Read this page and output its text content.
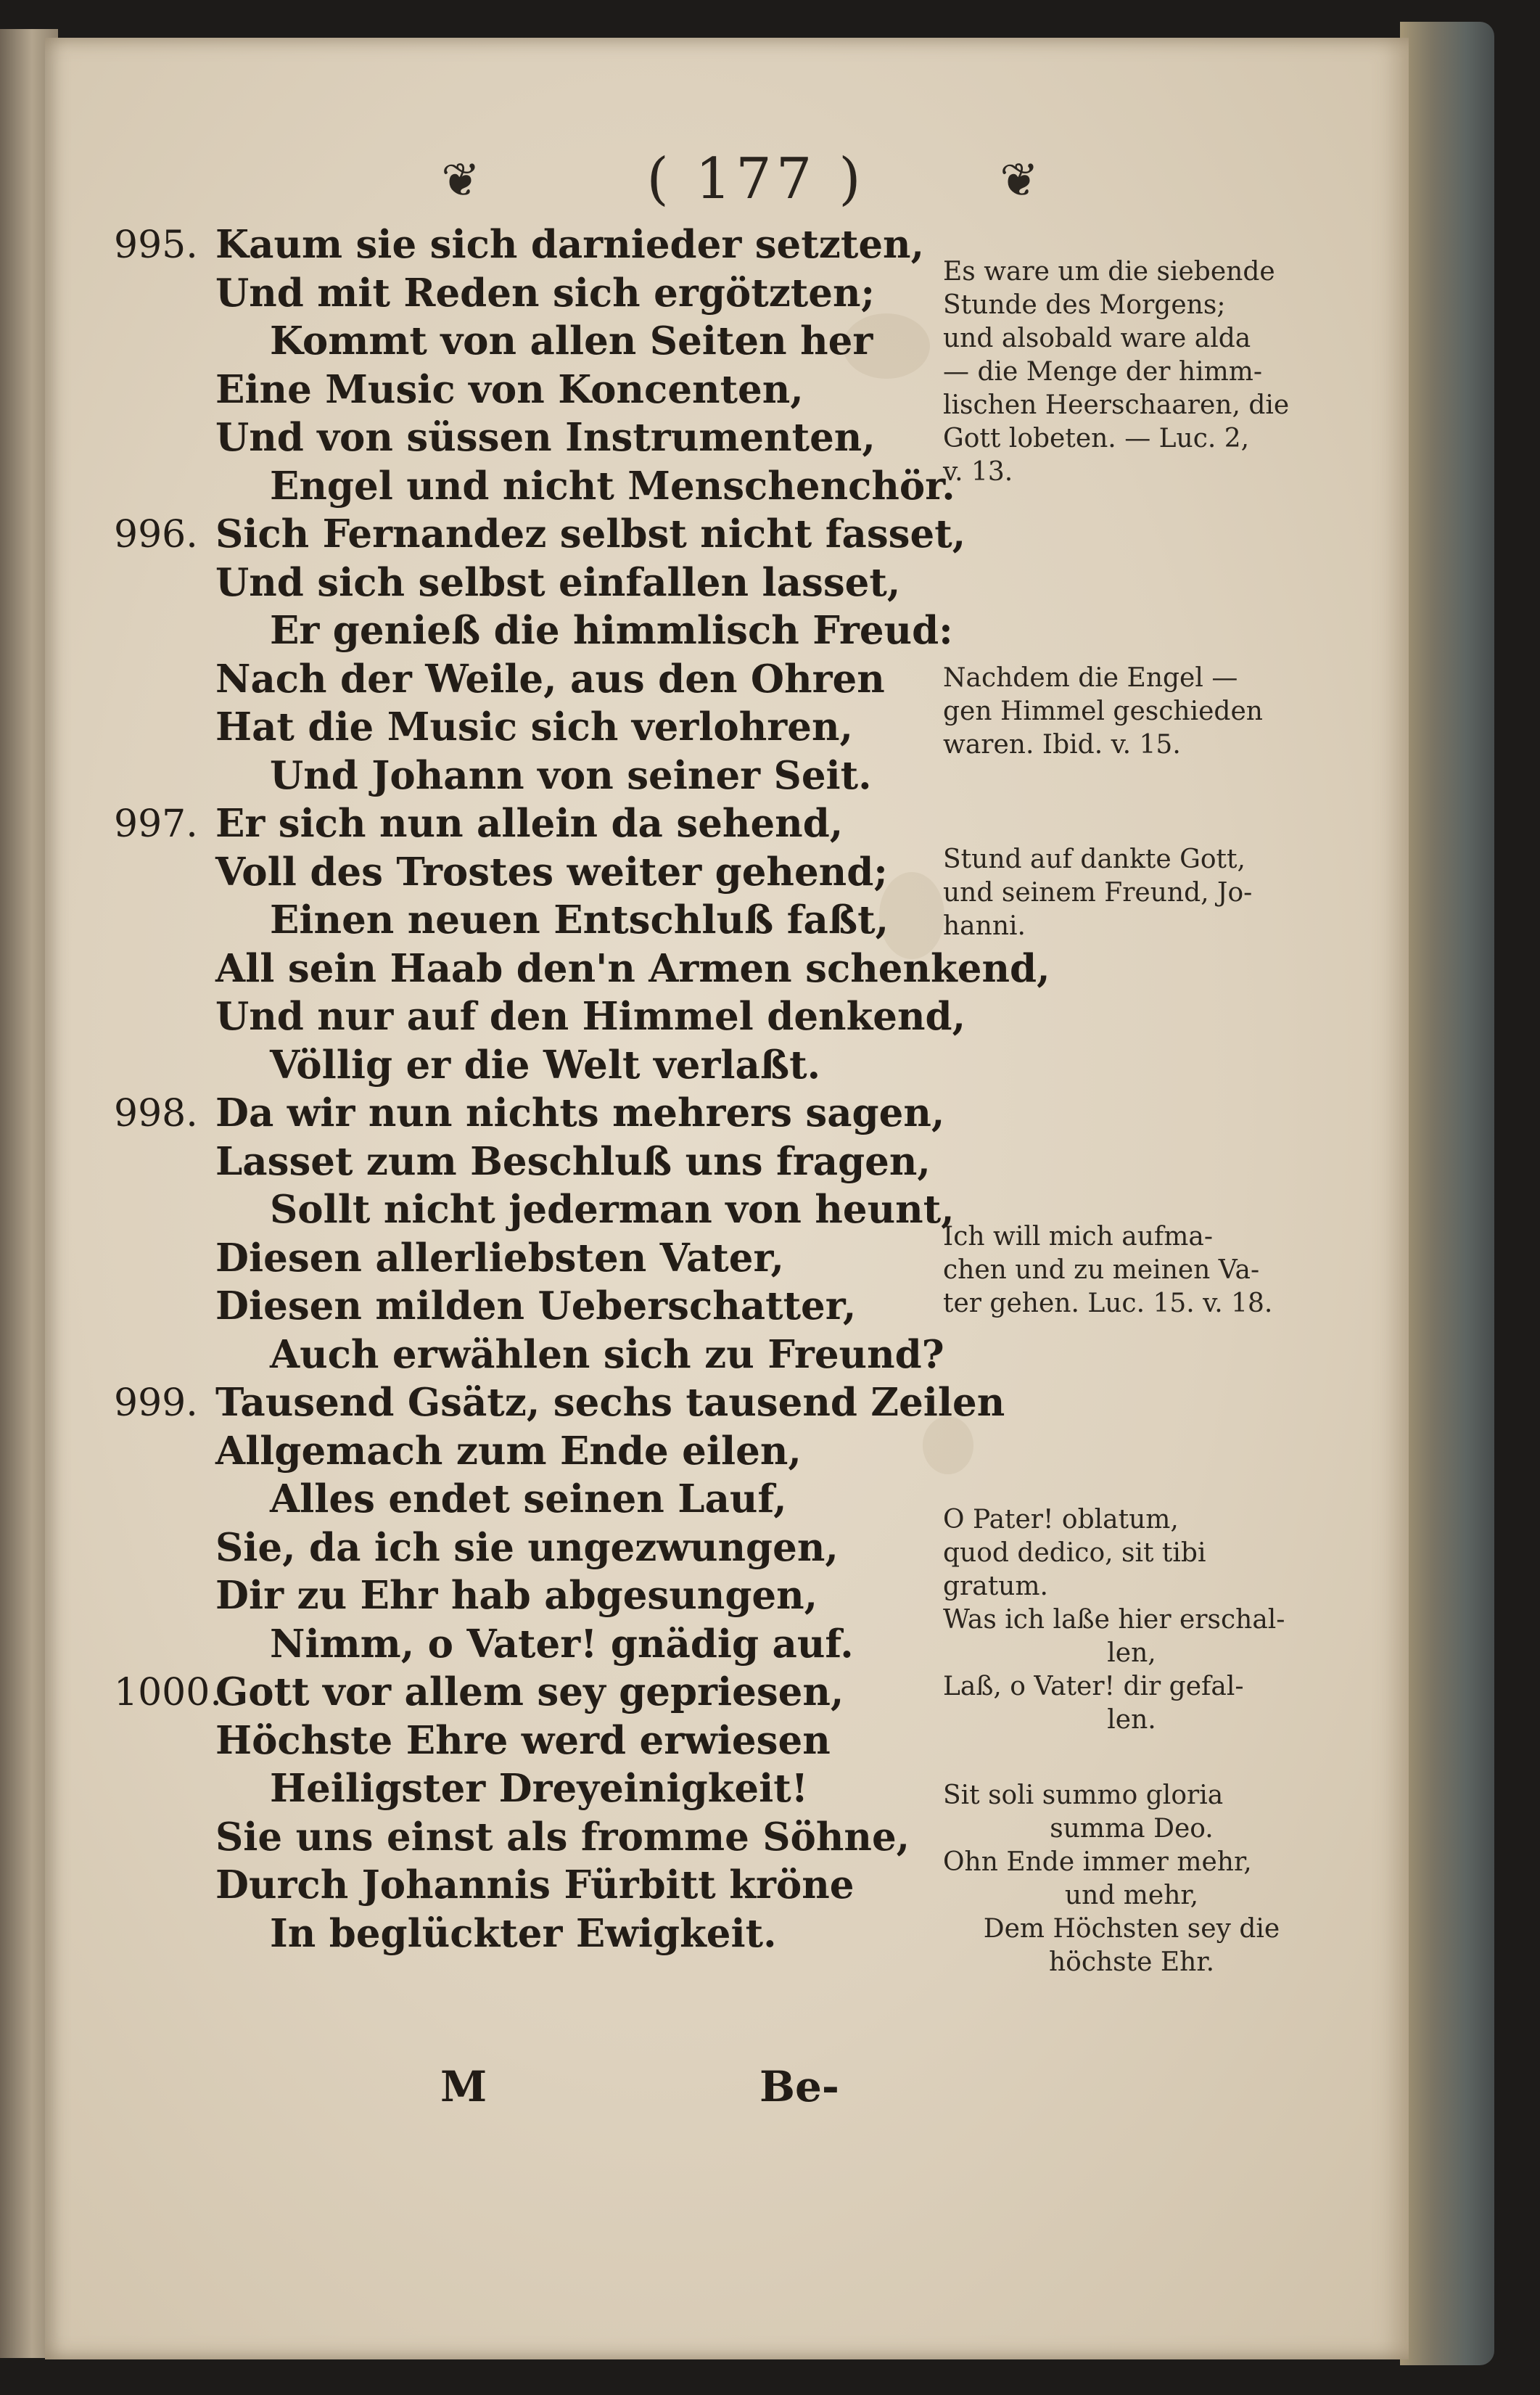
❦	( 177 )	❦
995. Kaum sie sich darnieder setzten,
Und mit Reden sich ergötzten;
Kommt von allen Seiten her
Eine Music von Koncenten,
Und von süssen Instrumenten,
Engel und nicht Menschenchör.
996. Sich Fernandez selbst nicht fasset,
Und sich selbst einfallen lasset,
Er genieß die himmlisch Freud:
Nach der Weile, aus den Ohren
Hat die Music sich verlohren,
Und Johann von seiner Seit.
997. Er sich nun allein da sehend,
Voll des Trostes weiter gehend;
Einen neuen Entschluß faßt,
All sein Haab den'n Armen schenkend,
Und nur auf den Himmel denkend,
Völlig er die Welt verlaßt.
998. Da wir nun nichts mehrers sagen,
Lasset zum Beschluß uns fragen,
Sollt nicht jederman von heunt,
Diesen allerliebsten Vater,
Diesen milden Ueberschatter,
Auch erwählen sich zu Freund?
999. Tausend Gsätz, sechs tausend Zeilen
Allgemach zum Ende eilen,
Alles endet seinen Lauf,
Sie, da ich sie ungezwungen,
Dir zu Ehr hab abgesungen,
Nimm, o Vater! gnädig auf.
1000.Gott vor allem sey gepriesen,
Höchste Ehre werd erwiesen
Heiligster Dreyeinigkeit!
Sie uns einst als fromme Söhne,
Durch Johannis Fürbitt kröne
In beglückter Ewigkeit.
Es ware um die siebende
Stunde des Morgens;
und alsobald ware alda
— die Menge der himm-
lischen Heerschaaren, die
Gott lobeten. — Luc. 2,
v. 13.
Nachdem die Engel —
gen Himmel geschieden
waren. Ibid. v. 15.
Stund auf dankte Gott,
und seinem Freund, Jo-
hanni.
Ich will mich aufma-
chen und zu meinen Va-
ter gehen. Luc. 15. v. 18.
O Pater! oblatum,
quod dedico, sit tibi
gratum.
Was ich laße hier erschal-
len,
Laß, o Vater! dir gefal-
len.
Sit soli summo gloria
summa Deo.
Ohn Ende immer mehr,
und mehr,
Dem Höchsten sey die
höchste Ehr.
M	Be-
